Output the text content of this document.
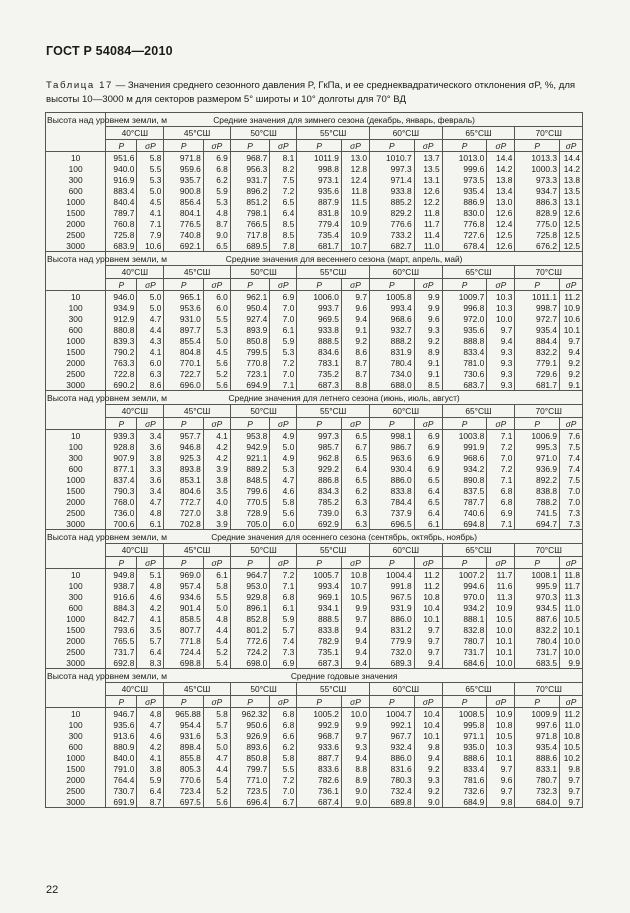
ГОСТ Р 54084—2010
Таблица 17 — Значения среднего сезонного давления P, ГкПа, и ее среднеквадратического отклонения σP, %, для высоты 10—3000 м для секторов размером 5° широты и 10° долготы для 70° ВД
Высота над уровнем земли, м	Средние значения для зимнего сезона (декабрь, январь, февраль)													
	40°СШ		45°СШ		50°СШ		55°СШ		60°СШ		65°СШ		70°СШ	
	P	σP	P	σP	P	σP	P	σP	P	σP	P	σP	P	σP
10	951.6	5.8	971.8	6.9	968.7	8.1	1011.9	13.0	1010.7	13.7	1013.0	14.4	1013.3	14.4
100	940.0	5.5	959.6	6.8	956.3	8.2	998.8	12.8	997.3	13.5	999.6	14.2	1000.3	14.2
300	916.9	5.3	935.7	6.2	931.7	7.5	973.1	12.4	971.4	13.1	973.5	13.8	973.3	13.8
600	883.4	5.0	900.8	5.9	896.2	7.2	935.6	11.8	933.8	12.6	935.4	13.4	934.7	13.5
1000	840.4	4.5	856.4	5.3	851.2	6.5	887.9	11.5	885.2	12.2	886.9	13.0	886.3	13.1
1500	789.7	4.1	804.1	4.8	798.1	6.4	831.8	10.9	829.2	11.8	830.0	12.6	828.9	12.6
2000	760.8	7.1	776.5	8.7	766.5	8.5	779.4	10.9	776.6	11.7	776.8	12.4	775.0	12.5
2500	725.8	7.9	740.8	9.0	717.8	8.5	735.4	10.9	733.2	11.4	727.6	12.5	725.8	12.5
3000	683.9	10.6	692.1	6.5	689.5	7.8	681.7	10.7	682.7	11.0	678.4	12.6	676.2	12.5
Высота над уровнем земли, м	Средние значения для весеннего сезона (март, апрель, май)													
	40°СШ		45°СШ		50°СШ		55°СШ		60°СШ		65°СШ		70°СШ	
	P	σP	P	σP	P	σP	P	σP	P	σP	P	σP	P	σP
10	946.0	5.0	965.1	6.0	962.1	6.9	1006.0	9.7	1005.8	9.9	1009.7	10.3	1011.1	11.2
100	934.9	5.0	953.6	6.0	950.4	7.0	993.7	9.6	993.4	9.9	996.8	10.3	998.7	10.9
300	912.9	4.7	931.0	5.5	927.4	7.0	969.5	9.4	968.6	9.6	972.0	10.0	972.7	10.6
600	880.8	4.4	897.7	5.3	893.9	6.1	933.8	9.1	932.7	9.3	935.6	9.7	935.4	10.1
1000	839.3	4.3	855.4	5.0	850.8	5.9	888.5	9.2	888.2	9.2	888.8	9.4	884.4	9.7
1500	790.2	4.1	804.8	4.5	799.5	5.3	834.6	8.6	831.9	8.9	833.4	9.3	832.2	9.4
2000	763.3	6.0	770.1	5.6	770.8	7.2	783.1	8.7	780.4	9.1	781.0	9.3	779.1	9.2
2500	722.8	6.3	722.7	5.2	723.1	7.0	735.2	8.7	734.0	9.1	730.6	9.3	729.6	9.2
3000	690.2	8.6	696.0	5.6	694.9	7.1	687.3	8.8	688.0	8.5	683.7	9.3	681.7	9.1
Высота над уровнем земли, м	Средние значения для летнего сезона (июнь, июль, август)													
	40°СШ		45°СШ		50°СШ		55°СШ		60°СШ		65°СШ		70°СШ	
	P	σP	P	σP	P	σP	P	σP	P	σP	P	σP	P	σP
10	939.3	3.4	957.7	4.1	953.8	4.9	997.3	6.5	998.1	6.9	1003.8	7.1	1006.9	7.6
100	928.8	3.6	946.8	4.2	942.9	5.0	985.7	6.7	986.7	6.9	991.9	7.2	995.3	7.5
300	907.9	3.8	925.3	4.2	921.1	4.9	962.8	6.5	963.6	6.9	968.6	7.0	971.0	7.4
600	877.1	3.3	893.8	3.9	889.2	5.3	929.2	6.4	930.4	6.9	934.2	7.2	936.9	7.4
1000	837.4	3.6	853.1	3.8	848.5	4.7	886.8	6.5	886.0	6.5	890.8	7.1	892.2	7.5
1500	790.3	3.4	804.6	3.5	799.6	4.6	834.3	6.2	833.8	6.4	837.5	6.8	838.8	7.0
2000	768.0	4.7	772.7	4.0	770.5	5.8	785.2	6.3	784.4	6.5	787.7	6.8	788.2	7.0
2500	736.0	4.8	727.0	3.8	728.9	5.6	739.0	6.3	737.9	6.4	740.6	6.9	741.5	7.3
3000	700.6	6.1	702.8	3.9	705.0	6.0	692.9	6.3	696.5	6.1	694.8	7.1	694.7	7.3
Высота над уровнем земли, м	Средние значения для осеннего сезона (сентябрь, октябрь, ноябрь)													
	40°СШ		45°СШ		50°СШ		55°СШ		60°СШ		65°СШ		70°СШ	
	P	σP	P	σP	P	σP	P	σP	P	σP	P	σP	P	σP
10	949.8	5.1	969.0	6.1	964.7	7.2	1005.7	10.8	1004.4	11.2	1007.2	11.7	1008.1	11.8
100	938.7	4.8	957.4	5.8	953.0	7.1	993.4	10.7	991.8	11.2	994.6	11.6	995.9	11.7
300	916.6	4.6	934.6	5.5	929.8	6.8	969.1	10.5	967.5	10.8	970.0	11.3	970.3	11.3
600	884.3	4.2	901.4	5.0	896.1	6.1	934.1	9.9	931.9	10.4	934.2	10.9	934.5	11.0
1000	842.7	4.1	858.5	4.8	852.8	5.9	888.5	9.7	886.0	10.1	888.1	10.5	887.6	10.5
1500	793.6	3.5	807.7	4.4	801.2	5.7	833.8	9.4	831.2	9.7	832.8	10.0	832.2	10.1
2000	765.5	5.7	771.8	5.4	772.6	7.4	782.9	9.4	779.9	9.7	780.7	10.1	780.4	10.0
2500	731.7	6.4	724.4	5.2	724.2	7.3	735.1	9.4	732.0	9.7	731.7	10.1	731.7	10.0
3000	692.8	8.3	698.8	5.4	698.0	6.9	687.3	9.4	689.3	9.4	684.6	10.0	683.5	9.9
Высота над уровнем земли, м	Средние годовые значения													
	40°СШ		45°СШ		50°СШ		55°СШ		60°СШ		65°СШ		70°СШ	
	P	σP	P	σP	P	σP	P	σP	P	σP	P	σP	P	σP
10	946.7	4.8	965.88	5.8	962.32	6.8	1005.2	10.0	1004.7	10.4	1008.5	10.9	1009.9	11.2
100	935.6	4.7	954.4	5.7	950.6	6.8	992.9	9.9	992.1	10.4	995.8	10.8	997.6	11.0
300	913.6	4.6	931.6	5.3	926.9	6.6	968.7	9.7	967.7	10.1	971.1	10.5	971.8	10.8
600	880.9	4.2	898.4	5.0	893.6	6.2	933.6	9.3	932.4	9.8	935.0	10.3	935.4	10.5
1000	840.0	4.1	855.8	4.7	850.8	5.8	887.7	9.4	886.0	9.4	888.6	10.1	888.6	10.2
1500	791.0	3.8	805.3	4.4	799.7	5.5	833.6	8.8	831.6	9.2	833.4	9.7	833.1	9.8
2000	764.4	5.9	770.6	5.4	771.0	7.2	782.6	8.9	780.3	9.3	781.6	9.6	780.7	9.7
2500	730.7	6.4	723.4	5.2	723.5	7.0	736.1	9.0	732.4	9.2	732.6	9.7	732.3	9.7
3000	691.9	8.7	697.5	5.6	696.4	6.7	687.4	9.0	689.8	9.0	684.9	9.8	684.0	9.7
22
